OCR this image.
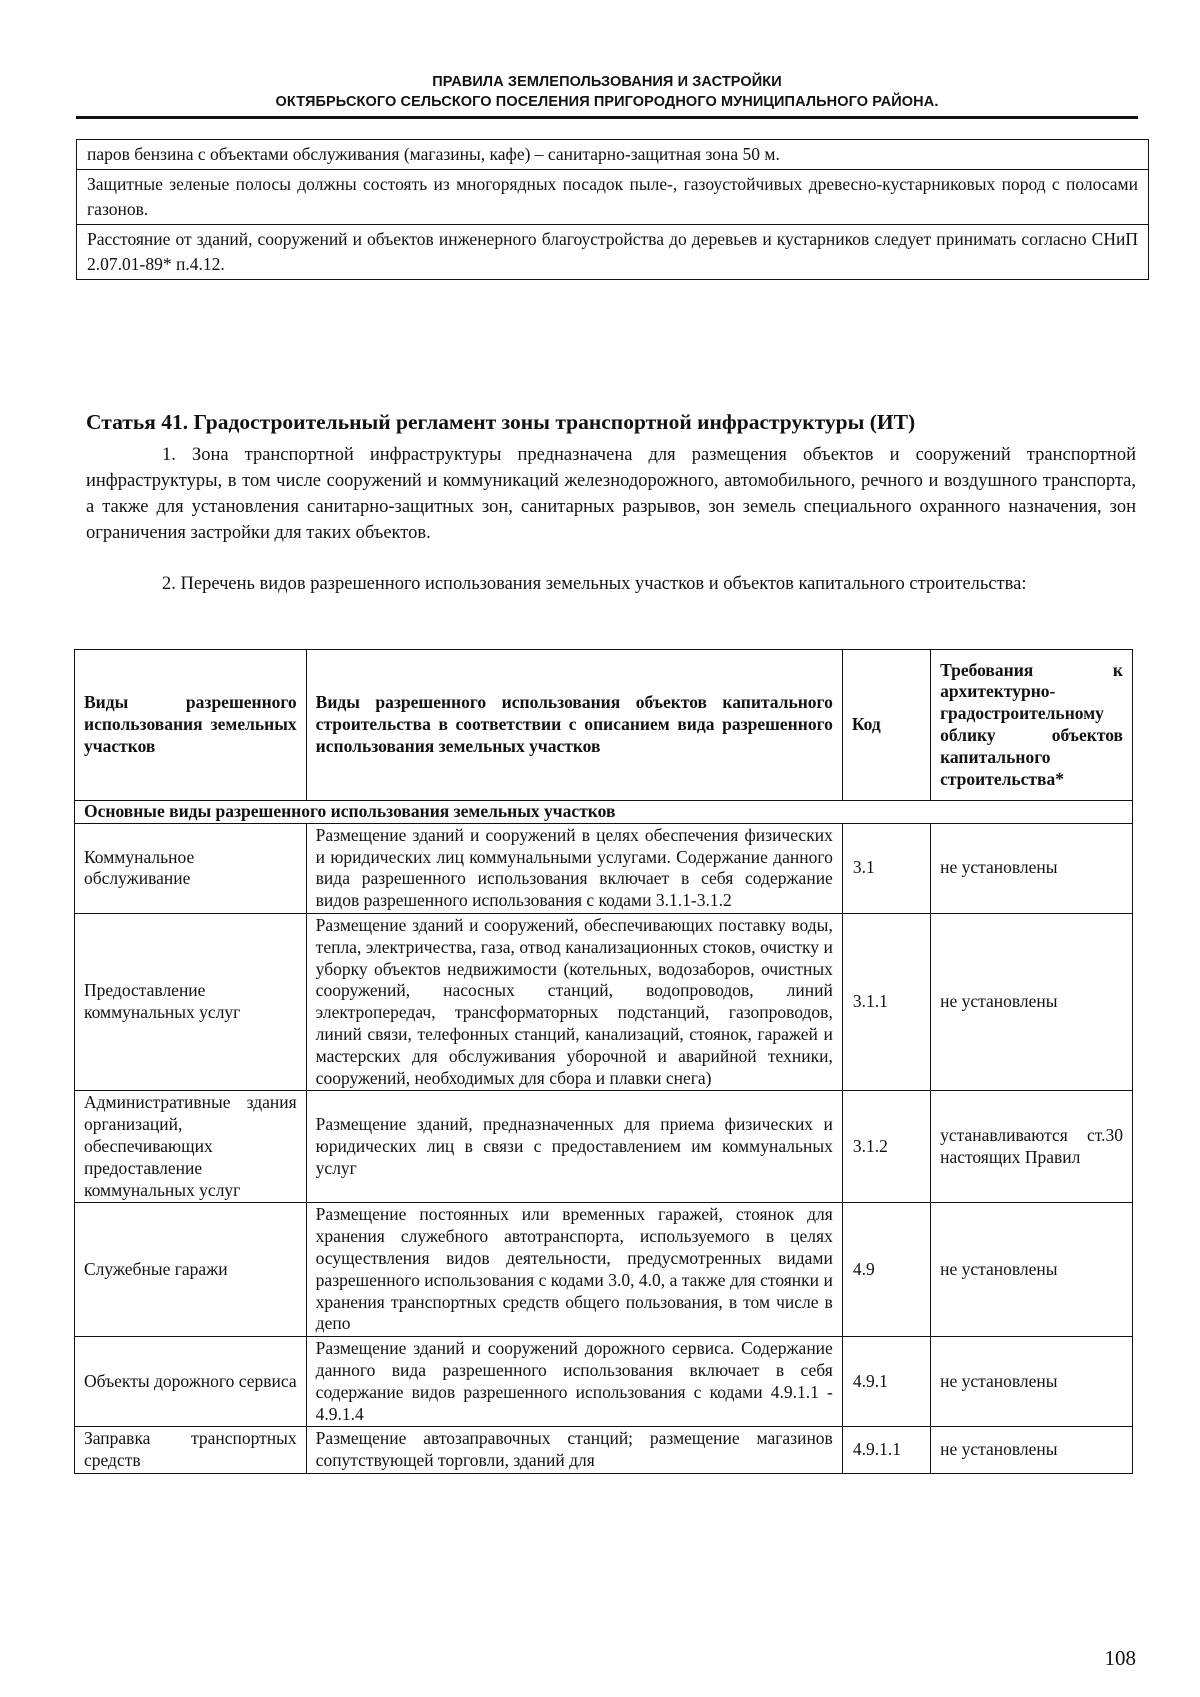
ПРАВИЛА ЗЕМЛЕПОЛЬЗОВАНИЯ И ЗАСТРОЙКИ
ОКТЯБРЬСКОГО СЕЛЬСКОГО ПОСЕЛЕНИЯ ПРИГОРОДНОГО МУНИЦИПАЛЬНОГО РАЙОНА.
паров бензина с объектами обслуживания (магазины, кафе) – санитарно-защитная зона 50 м.
Защитные зеленые полосы должны состоять из многорядных посадок пыле-, газоустойчивых древесно-кустарниковых пород с полосами газонов.
Расстояние от зданий, сооружений и объектов инженерного благоустройства до деревьев и кустарников следует принимать согласно СНиП 2.07.01-89* п.4.12.
Статья 41. Градостроительный регламент зоны транспортной инфраструктуры (ИТ)
1. Зона транспортной инфраструктуры предназначена для размещения объектов и сооружений транспортной инфраструктуры, в том числе сооружений и коммуникаций железнодорожного, автомобильного, речного и воздушного транспорта, а также для установления санитарно-защитных зон, санитарных разрывов, зон земель специального охранного назначения, зон ограничения застройки для таких объектов.
2. Перечень видов разрешенного использования земельных участков и объектов капитального строительства:
Виды разрешенного использования земельных участков	Виды разрешенного использования объектов капитального строительства в соответствии с описанием вида разрешенного использования земельных участков	Код	Требования к архитектурно-градостроительному облику объектов капитального строительства*
Основные виды разрешенного использования земельных участков			
Коммунальное обслуживание	Размещение зданий и сооружений в целях обеспечения физических и юридических лиц коммунальными услугами. Содержание данного вида разрешенного использования включает в себя содержание видов разрешенного использования с кодами 3.1.1-3.1.2	3.1	не установлены
Предоставление коммунальных услуг	Размещение зданий и сооружений, обеспечивающих поставку воды, тепла, электричества, газа, отвод канализационных стоков, очистку и уборку объектов недвижимости (котельных, водозаборов, очистных сооружений, насосных станций, водопроводов, линий электропередач, трансформаторных подстанций, газопроводов, линий связи, телефонных станций, канализаций, стоянок, гаражей и мастерских для обслуживания уборочной и аварийной техники, сооружений, необходимых для сбора и плавки снега)	3.1.1	не установлены
Административные здания организаций, обеспечивающих предоставление коммунальных услуг	Размещение зданий, предназначенных для приема физических и юридических лиц в связи с предоставлением им коммунальных услуг	3.1.2	устанавливаются ст.30 настоящих Правил
Служебные гаражи	Размещение постоянных или временных гаражей, стоянок для хранения служебного автотранспорта, используемого в целях осуществления видов деятельности, предусмотренных видами разрешенного использования с кодами 3.0, 4.0, а также для стоянки и хранения транспортных средств общего пользования, в том числе в депо	4.9	не установлены
Объекты дорожного сервиса	Размещение зданий и сооружений дорожного сервиса. Содержание данного вида разрешенного использования включает в себя содержание видов разрешенного использования с кодами 4.9.1.1 - 4.9.1.4	4.9.1	не установлены
Заправка транспортных средств	Размещение автозаправочных станций; размещение магазинов сопутствующей торговли, зданий для	4.9.1.1	не установлены
108
